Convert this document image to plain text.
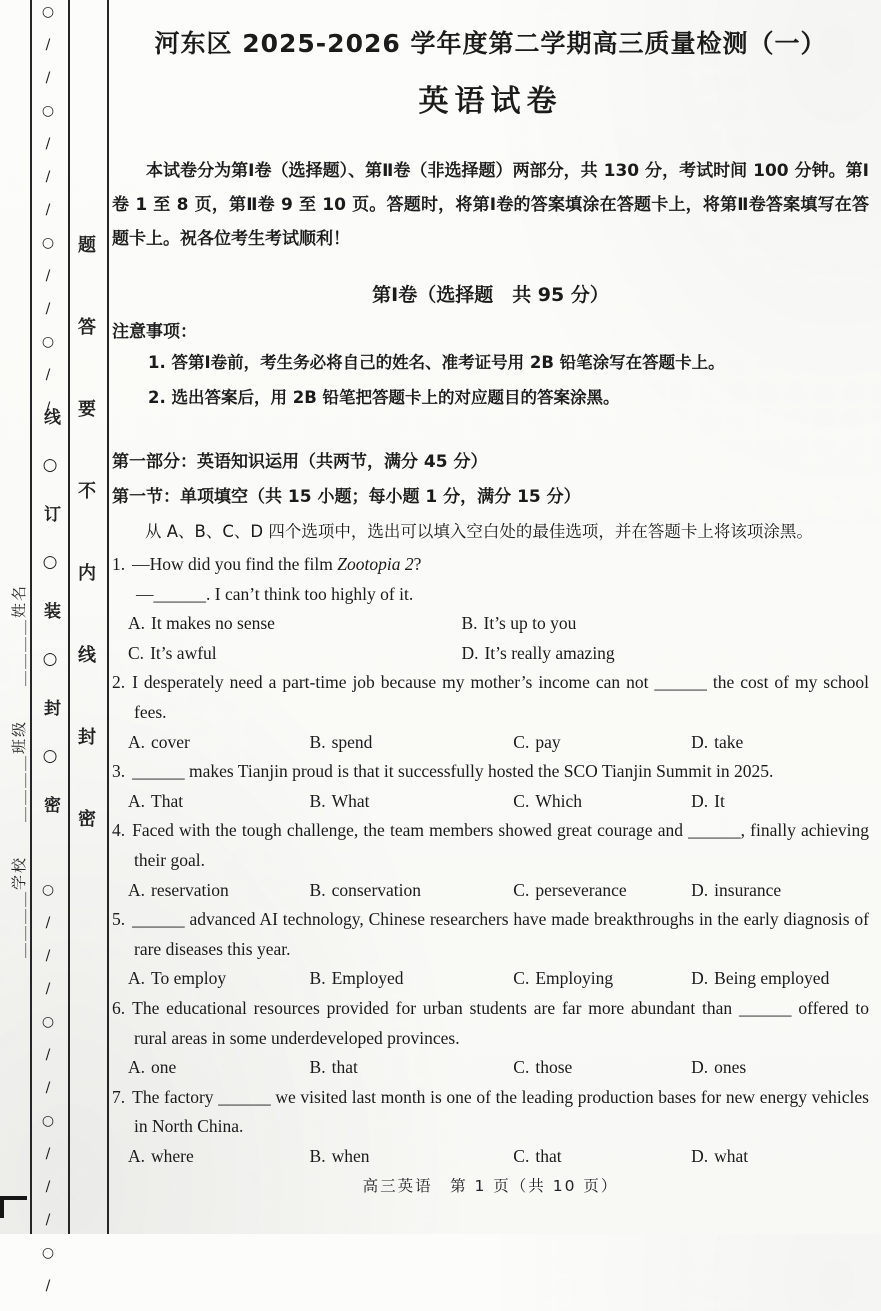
○//○///○//○//
线○订○装○封○密
○///○//○///○/
题答要不内线封密
＿＿＿＿学校　　＿＿＿＿班级　　＿＿＿＿姓名
河东区 2025-2026 学年度第二学期高三质量检测（一）
英语试卷
本试卷分为第Ⅰ卷（选择题）、第Ⅱ卷（非选择题）两部分，共 130 分，考试时间 100 分钟。第Ⅰ卷 1 至 8 页，第Ⅱ卷 9 至 10 页。答题时，将第Ⅰ卷的答案填涂在答题卡上，将第Ⅱ卷答案填写在答题卡上。祝各位考生考试顺利！
第Ⅰ卷（选择题　共 95 分）
注意事项：
1. 答第Ⅰ卷前，考生务必将自己的姓名、准考证号用 2B 铅笔涂写在答题卡上。
2. 选出答案后，用 2B 铅笔把答题卡上的对应题目的答案涂黑。
第一部分：英语知识运用（共两节，满分 45 分）
第一节：单项填空（共 15 小题；每小题 1 分，满分 15 分）
从 A、B、C、D 四个选项中，选出可以填入空白处的最佳选项，并在答题卡上将该项涂黑。
1. —How did you find the film Zootopia 2?
—______. I can’t think too highly of it.
A. It makes no sense	B. It’s up to you
C. It’s awful	D. It’s really amazing
2. I desperately need a part-time job because my mother’s income can not ______ the cost of my school fees.
A. cover	B. spend	C. pay	D. take
3. ______ makes Tianjin proud is that it successfully hosted the SCO Tianjin Summit in 2025.
A. That	B. What	C. Which	D. It
4. Faced with the tough challenge, the team members showed great courage and ______, finally achieving their goal.
A. reservation	B. conservation	C. perseverance	D. insurance
5. ______ advanced AI technology, Chinese researchers have made breakthroughs in the early diagnosis of rare diseases this year.
A. To employ	B. Employed	C. Employing	D. Being employed
6. The educational resources provided for urban students are far more abundant than ______ offered to rural areas in some underdeveloped provinces.
A. one	B. that	C. those	D. ones
7. The factory ______ we visited last month is one of the leading production bases for new energy vehicles in North China.
A. where	B. when	C. that	D. what
高三英语　第 1 页（共 10 页）
